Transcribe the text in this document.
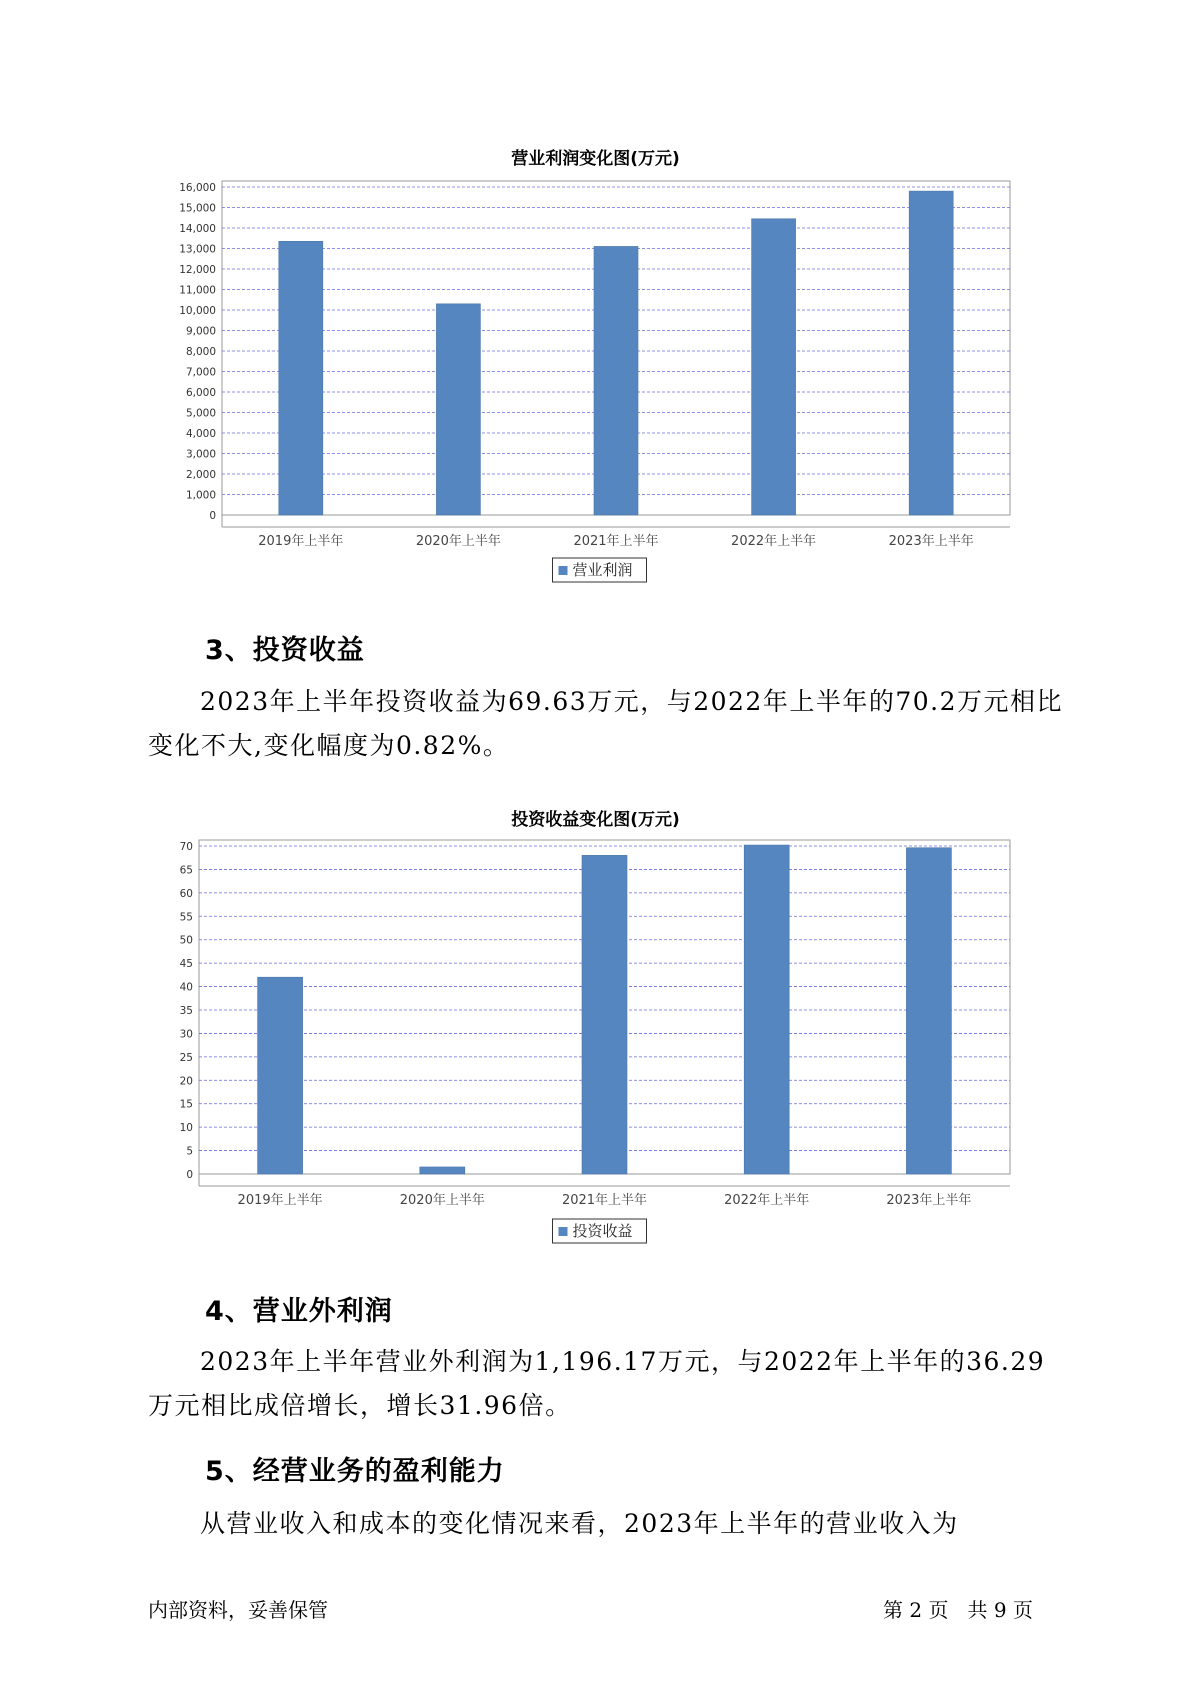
营业利润变化图(万元)
0
1,000
2,000
3,000
4,000
5,000
6,000
7,000
8,000
9,000
10,000
11,000
12,000
13,000
14,000
15,000
16,000
2019年上半年	2020年上半年	2021年上半年	2022年上半年	2023年上半年
营业利润
3、投资收益
2023年上半年投资收益为69.63万元，与2022年上半年的70.2万元相比变化不大,变化幅度为0.82%。
投资收益变化图(万元)
0
5
10
15
20
25
30
35
40
45
50
55
60
65
70
2019年上半年	2020年上半年	2021年上半年	2022年上半年	2023年上半年
投资收益
4、营业外利润
2023年上半年营业外利润为1,196.17万元，与2022年上半年的36.29万元相比成倍增长，增长31.96倍。
5、经营业务的盈利能力
从营业收入和成本的变化情况来看，2023年上半年的营业收入为
内部资料，妥善保管	第 2 页   共 9 页
